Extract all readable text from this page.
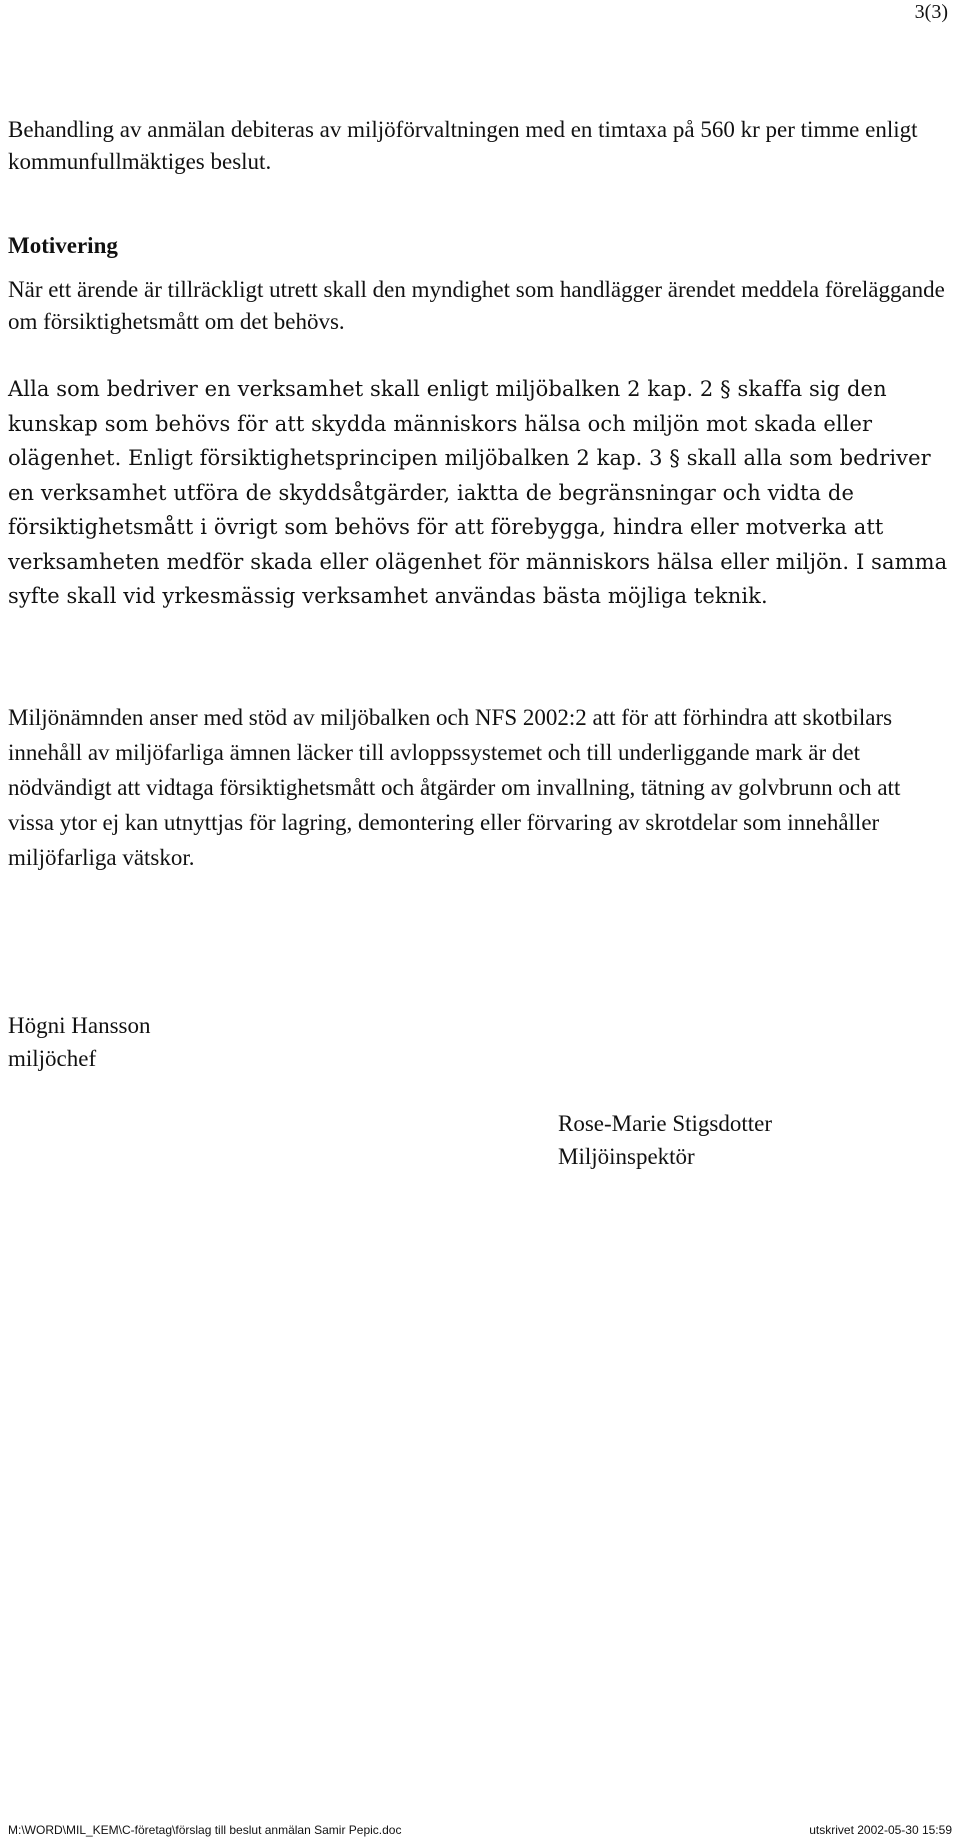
3(3)

Behandling av anmälan debiteras av miljöförvaltningen med en timtaxa på 560 kr per timme enligt kommunfullmäktiges beslut.

Motivering

När ett ärende är tillräckligt utrett skall den myndighet som handlägger ärendet meddela föreläggande om försiktighetsmått om det behövs.

Alla som bedriver en verksamhet skall enligt miljöbalken 2 kap. 2 § skaffa sig den kunskap som behövs för att skydda människors hälsa och miljön mot skada eller olägenhet. Enligt försiktighetsprincipen miljöbalken 2 kap. 3 § skall alla som bedriver en verksamhet utföra de skyddsåtgärder, iaktta de begränsningar och vidta de försiktighetsmått i övrigt som behövs för att förebygga, hindra eller motverka att verksamheten medför skada eller olägenhet för människors hälsa eller miljön. I samma syfte skall vid yrkesmässig verksamhet användas bästa möjliga teknik.

Miljönämnden anser med stöd av miljöbalken och NFS 2002:2 att för att förhindra att skotbilars innehåll av miljöfarliga ämnen läcker till avloppssystemet och till underliggande mark är det nödvändigt att vidtaga försiktighetsmått och åtgärder om invallning, tätning av golvbrunn och att vissa ytor ej kan utnyttjas för lagring, demontering eller förvaring av skrotdelar som innehåller miljöfarliga vätskor.

Högni Hansson
miljöchef
Rose-Marie Stigsdotter
Miljöinspektör
M:\WORD\MIL_KEM\C-företag\förslag till beslut anmälan Samir Pepic.doc	utskrivet 2002-05-30 15:59
